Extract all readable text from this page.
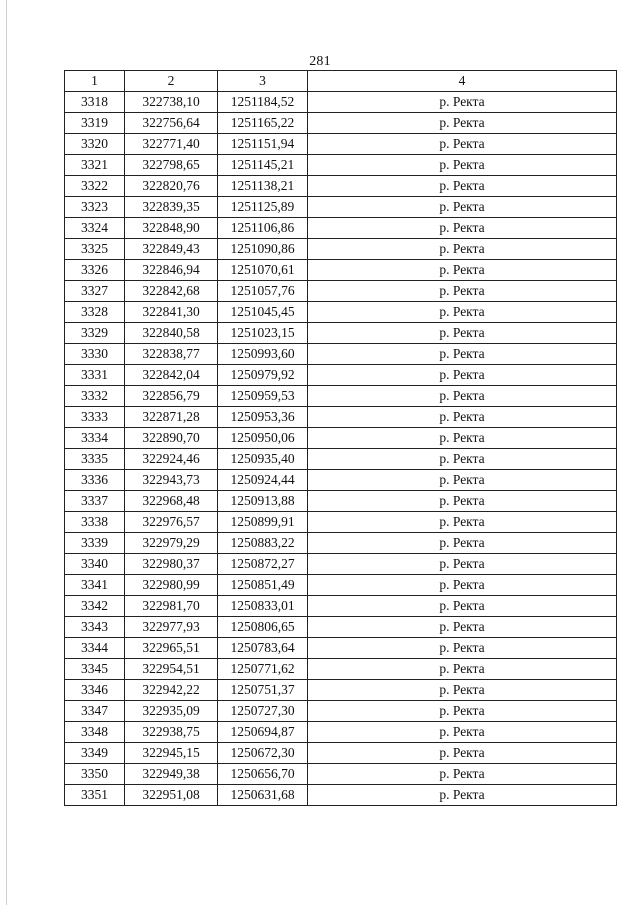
281
1	2	3	4
3318	322738,10	1251184,52	р. Ректа
3319	322756,64	1251165,22	р. Ректа
3320	322771,40	1251151,94	р. Ректа
3321	322798,65	1251145,21	р. Ректа
3322	322820,76	1251138,21	р. Ректа
3323	322839,35	1251125,89	р. Ректа
3324	322848,90	1251106,86	р. Ректа
3325	322849,43	1251090,86	р. Ректа
3326	322846,94	1251070,61	р. Ректа
3327	322842,68	1251057,76	р. Ректа
3328	322841,30	1251045,45	р. Ректа
3329	322840,58	1251023,15	р. Ректа
3330	322838,77	1250993,60	р. Ректа
3331	322842,04	1250979,92	р. Ректа
3332	322856,79	1250959,53	р. Ректа
3333	322871,28	1250953,36	р. Ректа
3334	322890,70	1250950,06	р. Ректа
3335	322924,46	1250935,40	р. Ректа
3336	322943,73	1250924,44	р. Ректа
3337	322968,48	1250913,88	р. Ректа
3338	322976,57	1250899,91	р. Ректа
3339	322979,29	1250883,22	р. Ректа
3340	322980,37	1250872,27	р. Ректа
3341	322980,99	1250851,49	р. Ректа
3342	322981,70	1250833,01	р. Ректа
3343	322977,93	1250806,65	р. Ректа
3344	322965,51	1250783,64	р. Ректа
3345	322954,51	1250771,62	р. Ректа
3346	322942,22	1250751,37	р. Ректа
3347	322935,09	1250727,30	р. Ректа
3348	322938,75	1250694,87	р. Ректа
3349	322945,15	1250672,30	р. Ректа
3350	322949,38	1250656,70	р. Ректа
3351	322951,08	1250631,68	р. Ректа
